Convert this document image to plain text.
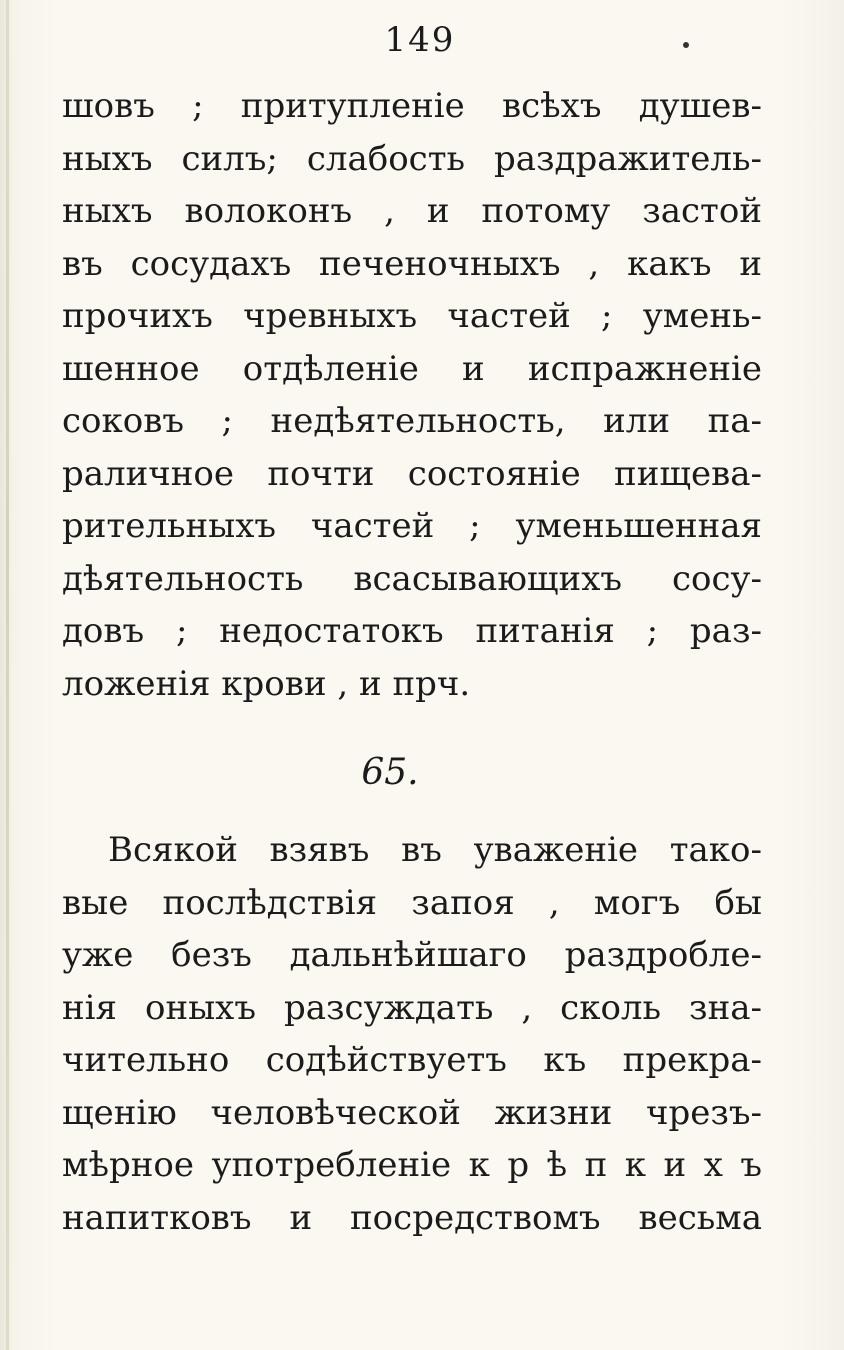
149
шовъ ; притупленіе всѣхъ душев-
ныхъ силъ; слабость раздражитель-
ныхъ волоконъ , и потому застой
въ сосудахъ печеночныхъ , какъ и
прочихъ чревныхъ частей ; умень-
шенное отдѣленіе и испражненіе
соковъ ; недѣятельность, или па-
раличное почти состояніе пищева-
рительныхъ частей ; уменьшенная
дѣятельность всасывающихъ сосу-
довъ ; недостатокъ питанія ; раз-
ложенія крови , и прч.
65.
Всякой взявъ въ уваженіе тако-
вые послѣдствія запоя , могъ бы
уже безъ дальнѣйшаго раздробле-
нія оныхъ разсуждать , сколь зна-
чительно содѣйствуетъ къ прекра-
щенію человѣческой жизни чрезъ-
мѣрное употребленіе к р ѣ п к и х ъ
напитковъ и посредствомъ весьма
